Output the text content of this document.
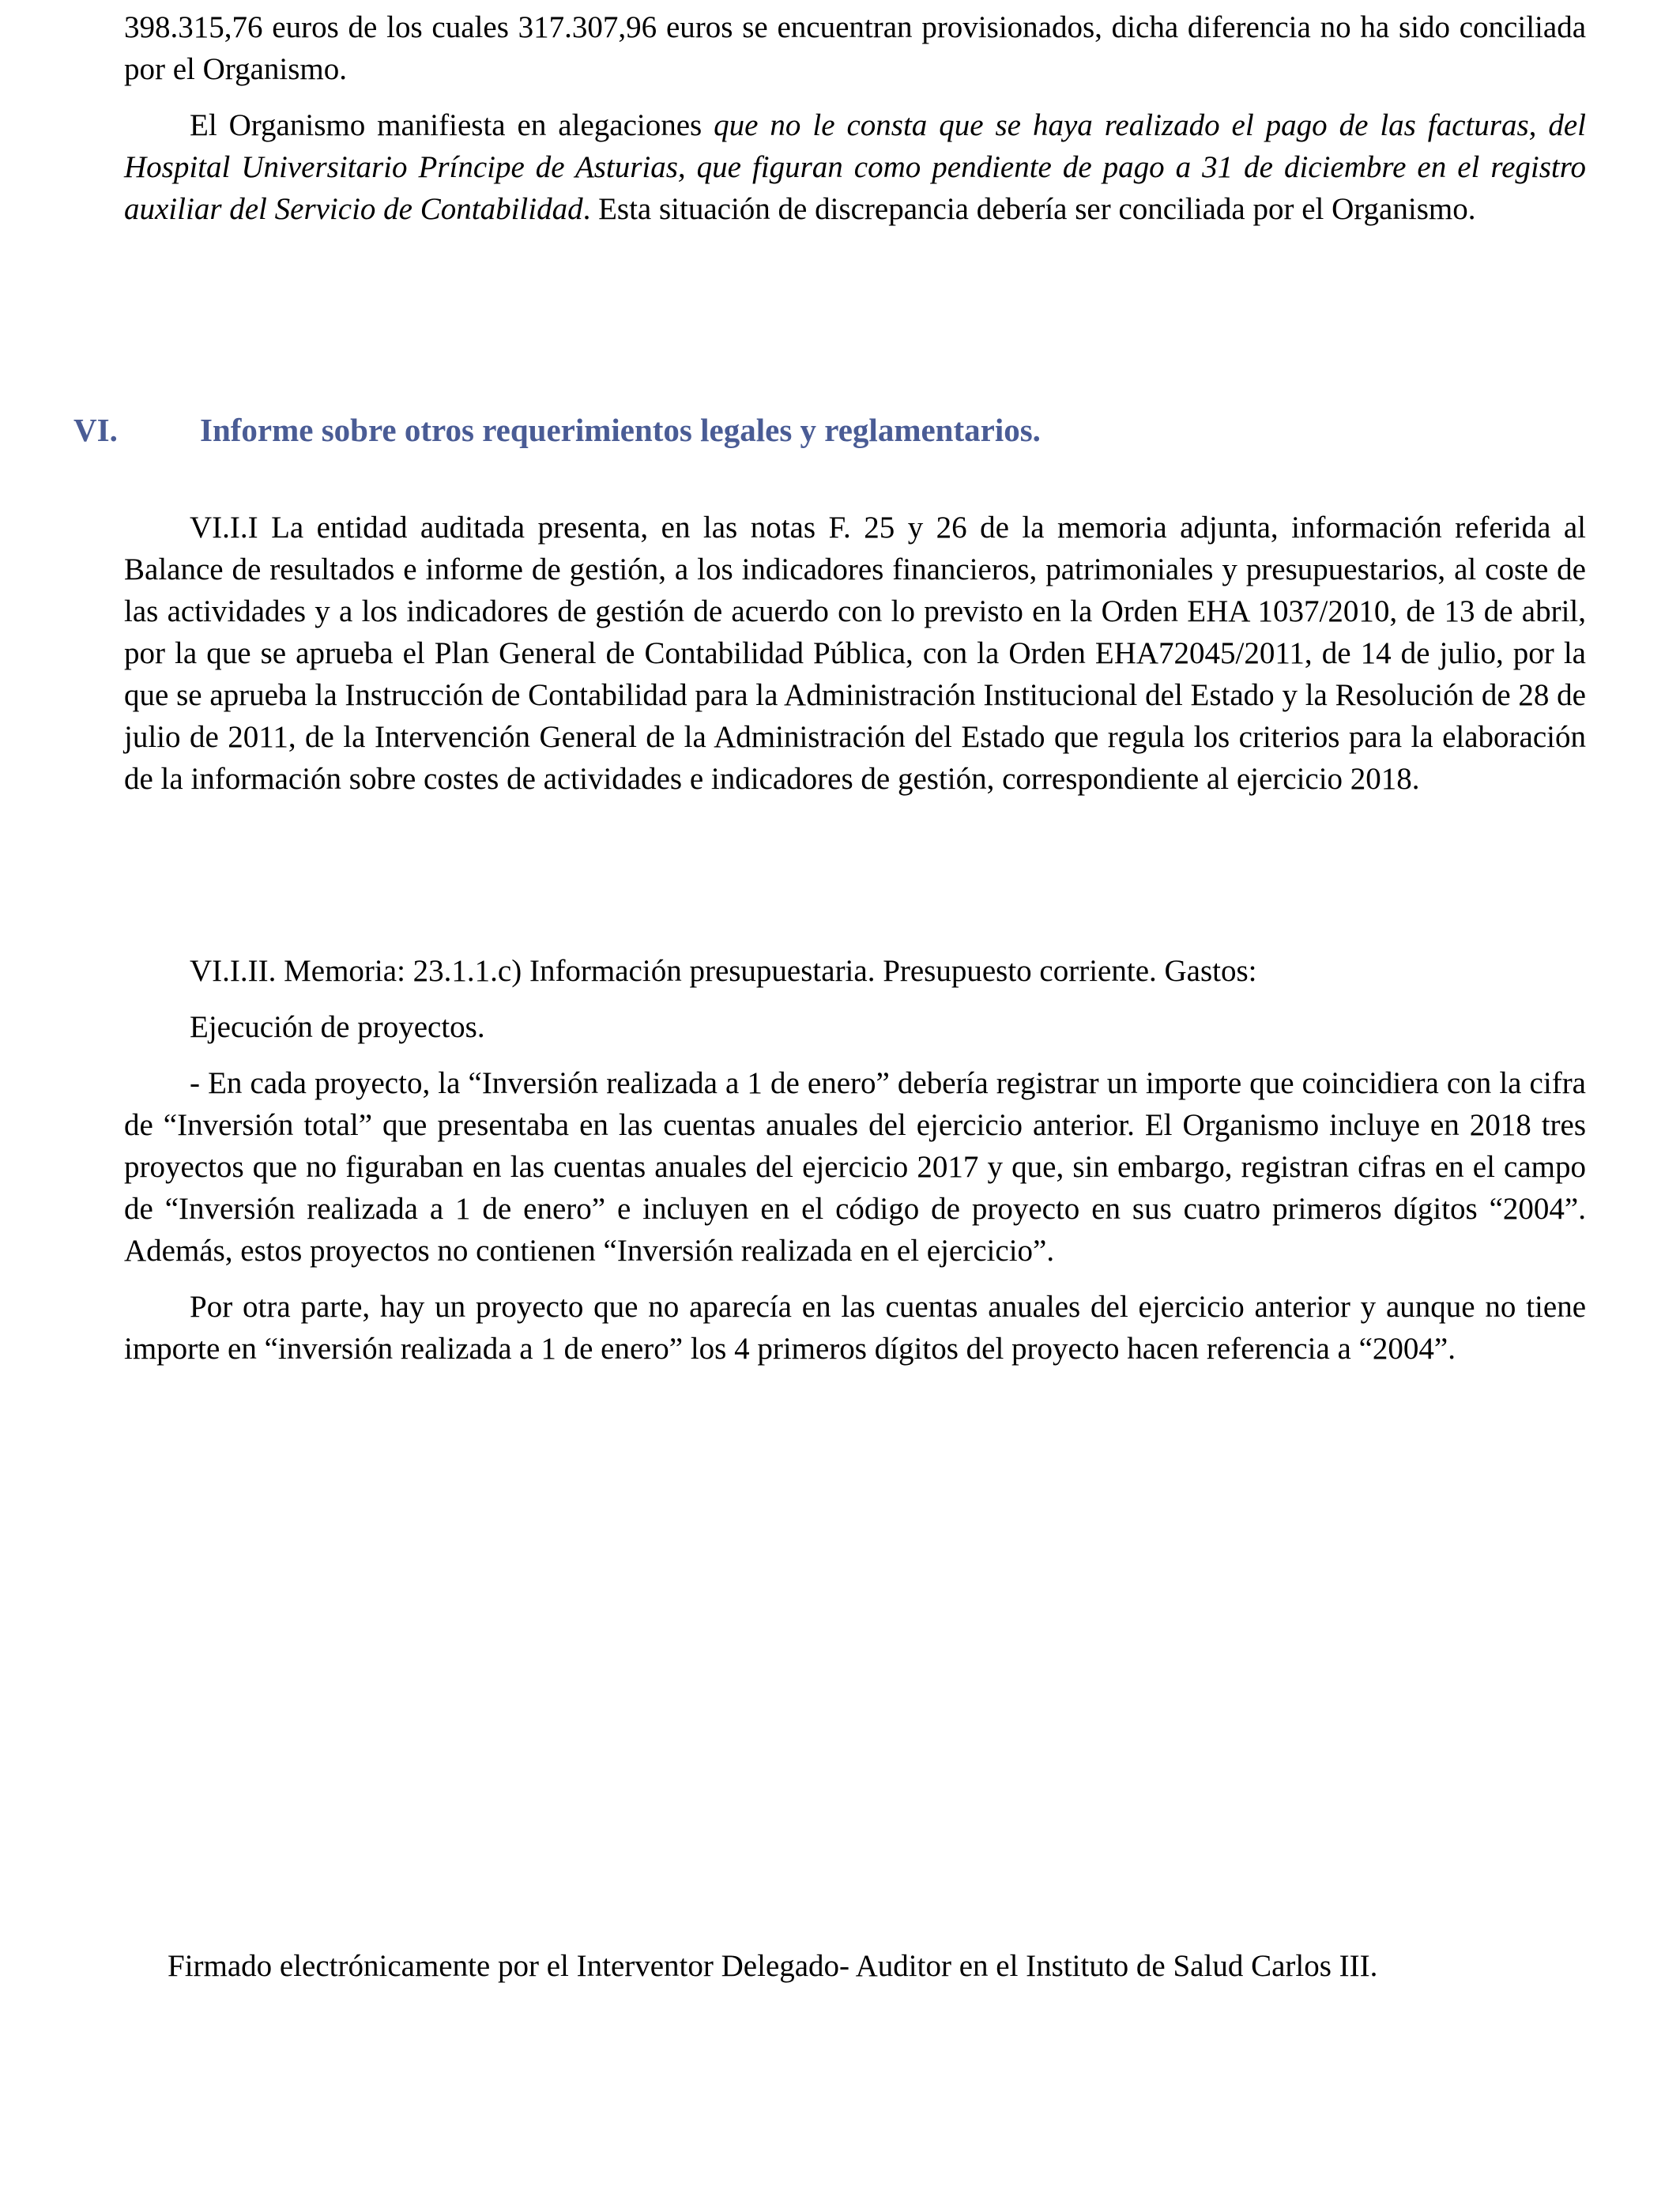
398.315,76 euros de los cuales 317.307,96 euros se encuentran provisionados, dicha diferencia no ha sido conciliada por el Organismo.

El Organismo manifiesta en alegaciones que no le consta que se haya realizado el pago de las facturas, del Hospital Universitario Príncipe de Asturias, que figuran como pendiente de pago a 31 de diciembre en el registro auxiliar del Servicio de Contabilidad. Esta situación de discrepancia debería ser conciliada por el Organismo.

VI.I.I La entidad auditada presenta, en las notas F. 25 y 26 de la memoria adjunta, información referida al Balance de resultados e informe de gestión, a los indicadores financieros, patrimoniales y presupuestarios, al coste de las actividades y a los indicadores de gestión de acuerdo con lo previsto en la Orden EHA 1037/2010, de 13 de abril, por la que se aprueba el Plan General de Contabilidad Pública, con la Orden EHA72045/2011, de 14 de julio, por la que se aprueba la Instrucción de Contabilidad para la Administración Institucional del Estado y la Resolución de 28 de julio de 2011, de la Intervención General de la Administración del Estado que regula los criterios para la elaboración de la información sobre costes de actividades e indicadores de gestión, correspondiente al ejercicio 2018.

VI.I.II. Memoria: 23.1.1.c) Información presupuestaria. Presupuesto corriente. Gastos:

Ejecución de proyectos.

- En cada proyecto, la “Inversión realizada a 1 de enero” debería registrar un importe que coincidiera con la cifra de “Inversión total” que presentaba en las cuentas anuales del ejercicio anterior. El Organismo incluye en 2018 tres proyectos que no figuraban en las cuentas anuales del ejercicio 2017 y que, sin embargo, registran cifras en el campo de “Inversión realizada a 1 de enero” e incluyen en el código de proyecto en sus cuatro primeros dígitos “2004”. Además, estos proyectos no contienen “Inversión realizada en el ejercicio”.

Por otra parte, hay un proyecto que no aparecía en las cuentas anuales del ejercicio anterior y aunque no tiene importe en “inversión realizada a 1 de enero” los 4 primeros dígitos del proyecto hacen referencia a “2004”.

VI.	Informe sobre otros requerimientos legales y reglamentarios.
Firmado electrónicamente por el Interventor Delegado- Auditor en el Instituto de Salud Carlos III.
